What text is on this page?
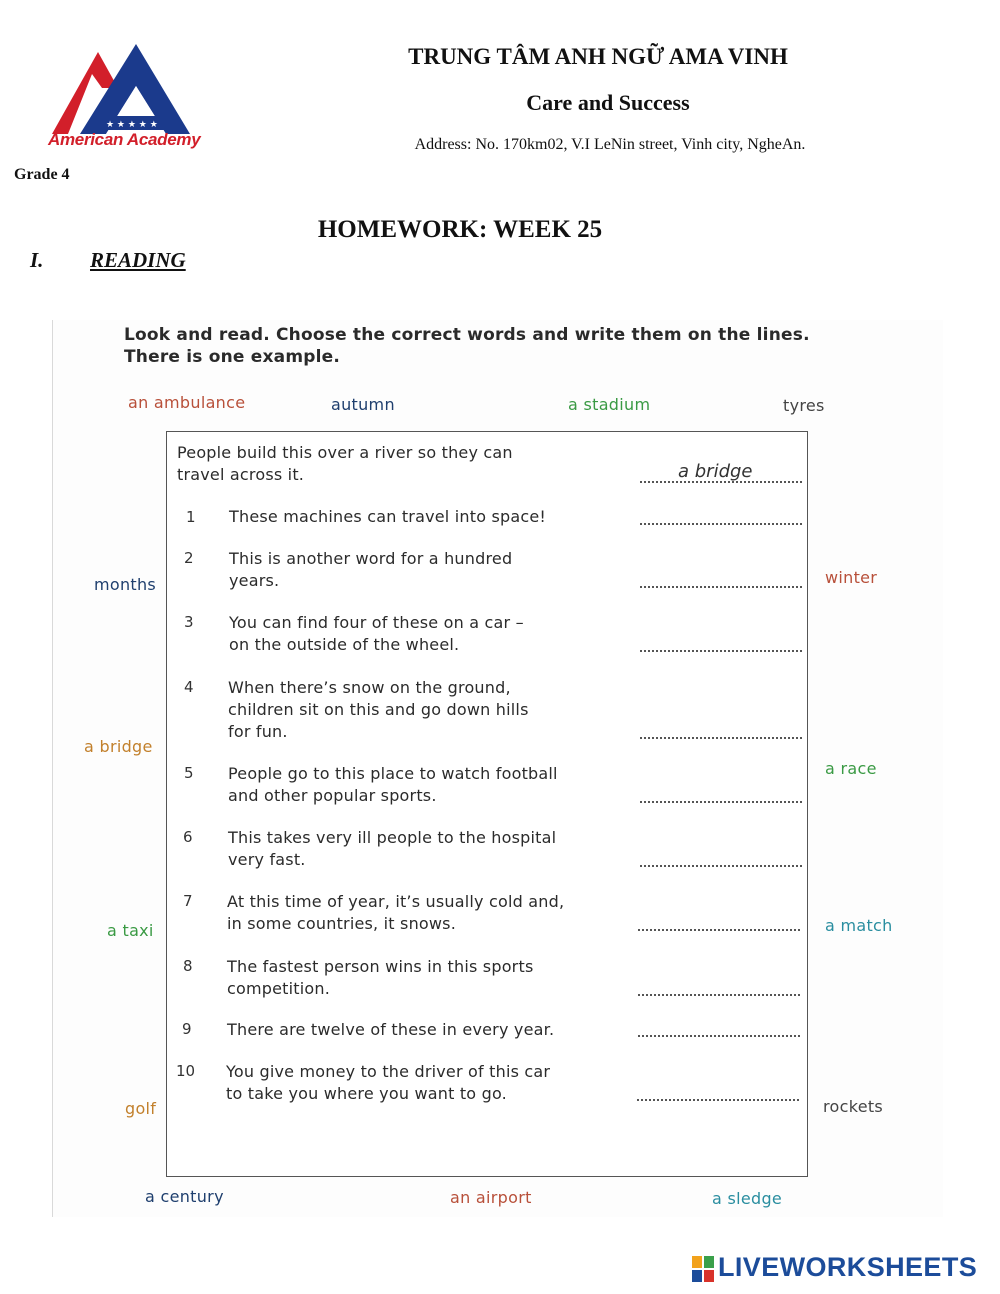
★ ★ ★ ★ ★
American Academy
TRUNG TÂM ANH NGỮ AMA VINH
Care and Success
Address: No. 170km02, V.I LeNin street, Vinh city, NgheAn.
Grade 4
HOMEWORK: WEEK 25
I. READING
Look and read. Choose the correct words and write them on the lines. There is one example.
an ambulance	autumn	a stadium	tyres
months
a bridge
a taxi
golf
winter
a race
a match
rockets
a century	an airport	a sledge
People build this over a river so they can
travel across it.	a bridge
1 These machines can travel into space!
2 This is another word for a hundred
years.
3 You can find four of these on a car –
on the outside of the wheel.
4 When there’s snow on the ground,
children sit on this and go down hills
for fun.
5 People go to this place to watch football
and other popular sports.
6 This takes very ill people to the hospital
very fast.
7 At this time of year, it’s usually cold and,
in some countries, it snows.
8 The fastest person wins in this sports
competition.
9 There are twelve of these in every year.
10 You give money to the driver of this car
to take you where you want to go.
LIVEWORKSHEETS
